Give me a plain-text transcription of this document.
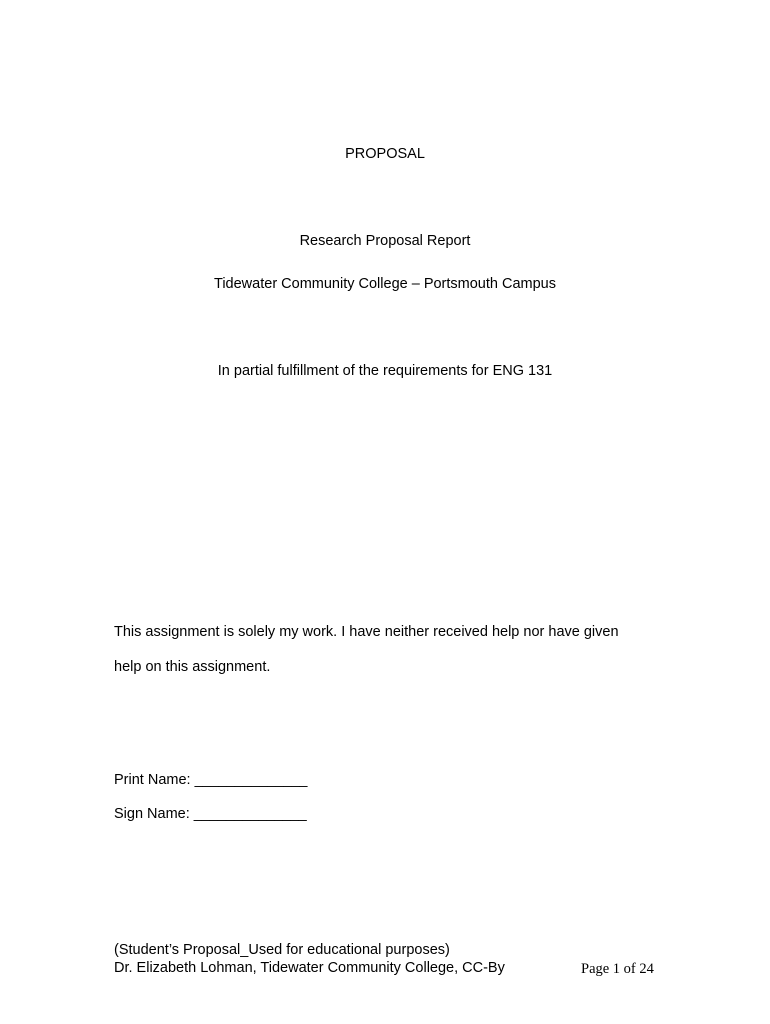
PROPOSAL
Research Proposal Report
Tidewater Community College – Portsmouth Campus
In partial fulfillment of the requirements for ENG 131
This assignment is solely my work. I have neither received help nor have given
help on this assignment.
Print Name: ______________
Sign Name: ______________
(Student’s Proposal_Used for educational purposes)
Dr. Elizabeth Lohman, Tidewater Community College, CC-By	Page 1 of 24
